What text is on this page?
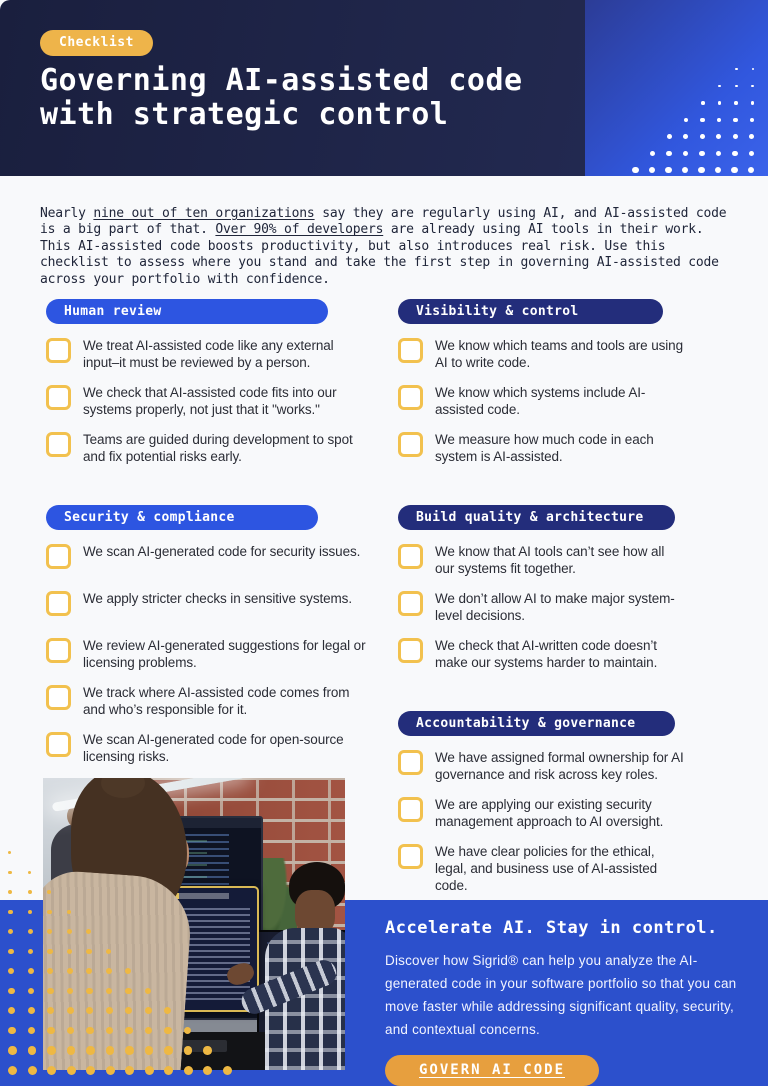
Checklist
Governing AI-assisted code
with strategic control

Nearly nine out of ten organizations say they are regularly using AI, and AI-assisted code is a big part of that. Over 90% of developers are already using AI tools in their work. This AI-assisted code boosts productivity, but also introduces real risk. Use this checklist to assess where you stand and take the first step in governing AI-assisted code across your portfolio with confidence.

Human review
We treat AI-assisted code like any external input–it must be reviewed by a person.
We check that AI-assisted code fits into our systems properly, not just that it "works."
Teams are guided during development to spot and fix potential risks early.
Security & compliance
We scan AI-generated code for security issues.
We apply stricter checks in sensitive systems.
We review AI-generated suggestions for legal or licensing problems.
We track where AI-assisted code comes from and who’s responsible for it.
We scan AI-generated code for open-source licensing risks.
Visibility & control
We know which teams and tools are using AI to write code.
We know which systems include AI-assisted code.
We measure how much code in each system is AI-assisted.
Build quality & architecture
We know that AI tools can’t see how all our systems fit together.
We don’t allow AI to make major system-level decisions.
We check that AI-written code doesn’t make our systems harder to maintain.
Accountability & governance
We have assigned formal ownership for AI governance and risk across key roles.
We are applying our existing security management approach to AI oversight.
We have clear policies for the ethical, legal, and business use of AI-assisted code.
Accelerate AI. Stay in control.
Discover how Sigrid® can help you analyze the AI-generated code in your software portfolio so that you can move faster while addressing significant quality, security, and contextual concerns.
GOVERN AI CODE
